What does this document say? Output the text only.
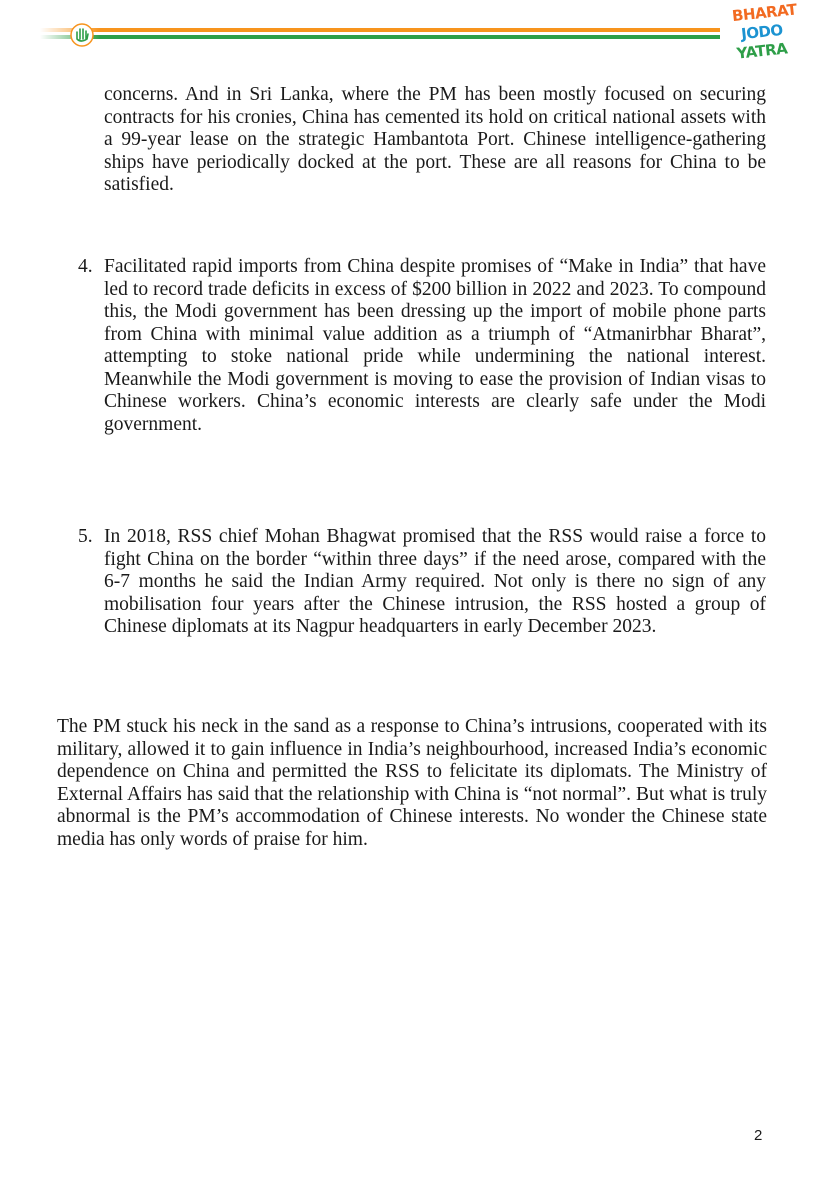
BHARAT
JODO
YATRA

concerns. And in Sri Lanka, where the PM has been mostly focused on securing contracts for his cronies, China has cemented its hold on critical national assets with a 99-year lease on the strategic Hambantota Port. Chinese intelligence-gathering ships have periodically docked at the port. These are all reasons for China to be satisfied.

4. Facilitated rapid imports from China despite promises of “Make in India” that have led to record trade deficits in excess of $200 billion in 2022 and 2023. To compound this, the Modi government has been dressing up the import of mobile phone parts from China with minimal value addition as a triumph of “Atmanirbhar Bharat”, attempting to stoke national pride while undermining the national interest. Meanwhile the Modi government is moving to ease the provision of Indian visas to Chinese workers. China’s economic interests are clearly safe under the Modi government.

5. In 2018, RSS chief Mohan Bhagwat promised that the RSS would raise a force to fight China on the border “within three days” if the need arose, compared with the 6-7 months he said the Indian Army required. Not only is there no sign of any mobilisation four years after the Chinese intrusion, the RSS hosted a group of Chinese diplomats at its Nagpur headquarters in early December 2023.

The PM stuck his neck in the sand as a response to China’s intrusions, cooperated with its military, allowed it to gain influence in India’s neighbourhood, increased India’s economic dependence on China and permitted the RSS to felicitate its diplomats. The Ministry of External Affairs has said that the relationship with China is “not normal”. But what is truly abnormal is the PM’s accommodation of Chinese interests. No wonder the Chinese state media has only words of praise for him.

2
